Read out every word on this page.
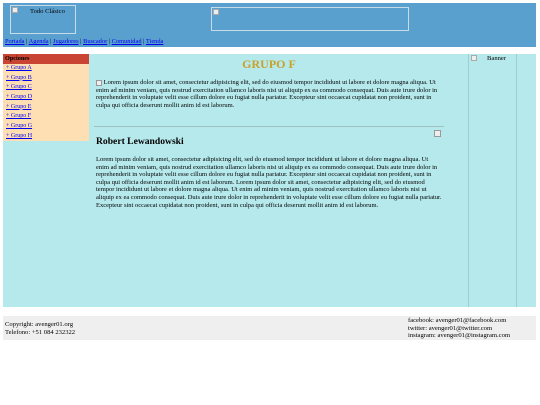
Todo Clásico
Portada | Agenda | Jugadores | Buscador | Comunidad | Tienda
Opciones
+ Grupo A
+ Grupo B
+ Grupo C
+ Grupo D
+ Grupo E
+ Grupo F
+ Grupo G
+ Grupo H
GRUPO F
Lorem ipsum dolor sit amet, consectetur adipisicing elit, sed do eiusmod tempor incididunt ut labore et dolore magna aliqua. Ut enim ad minim veniam, quis nostrud exercitation ullamco laboris nisi ut aliquip ex ea commodo consequat. Duis aute irure dolor in reprehenderit in voluptate velit esse cillum dolore eu fugiat nulla pariatur. Excepteur sint occaecat cupidatat non proident, sunt in culpa qui officia deserunt mollit anim id est laborum.
Robert Lewandowski
Lorem ipsum dolor sit amet, consectetur adipisicing elit, sed do eiusmod tempor incididunt ut labore et dolore magna aliqua. Ut enim ad minim veniam, quis nostrud exercitation ullamco laboris nisi ut aliquip ex ea commodo consequat. Duis aute irure dolor in reprehenderit in voluptate velit esse cillum dolore eu fugiat nulla pariatur. Excepteur sint occaecat cupidatat non proident, sunt in culpa qui officia deserunt mollit anim id est laborum. Lorem ipsum dolor sit amet, consectetur adipisicing elit, sed do eiusmod tempor incididunt ut labore et dolore magna aliqua. Ut enim ad minim veniam, quis nostrud exercitation ullamco laboris nisi ut aliquip ex ea commodo consequat. Duis aute irure dolor in reprehenderit in voluptate velit esse cillum dolore eu fugiat nulla pariatur. Excepteur sint occaecat cupidatat non proident, sunt in culpa qui officia deserunt mollit anim id est laborum.
Banner
Copyright: avenger01.org
Telefono: +51 084 232322
facebook: avenger01@facebook.com
twitter: avenger01@twitter.com
instagram: avenger01@instagram.com
